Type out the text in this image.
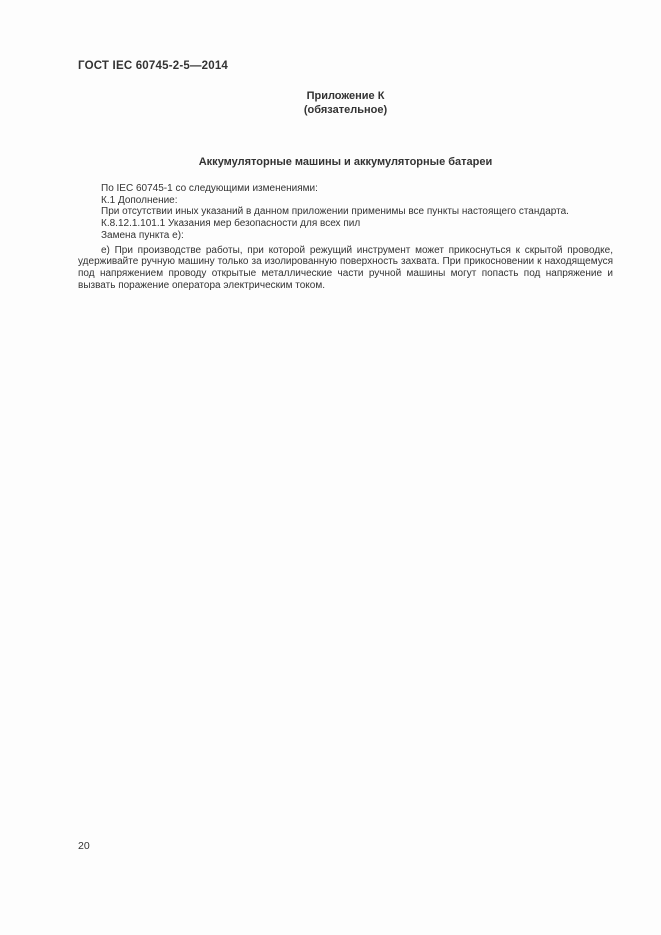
ГОСТ IEC 60745-2-5—2014
Приложение К
(обязательное)
Аккумуляторные машины и аккумуляторные батареи
По IEC 60745-1 со следующими изменениями:
К.1 Дополнение:
При отсутствии иных указаний в данном приложении применимы все пункты настоящего стандарта.
К.8.12.1.101.1 Указания мер безопасности для всех пил
Замена пункта е):
е) При производстве работы, при которой режущий инструмент может прикоснуться к скрытой проводке, удерживайте ручную машину только за изолированную поверхность захвата. При прикосновении к находящемуся под напряжением проводу открытые металлические части ручной машины могут попасть под напряжение и вызвать поражение оператора электрическим током.
20
